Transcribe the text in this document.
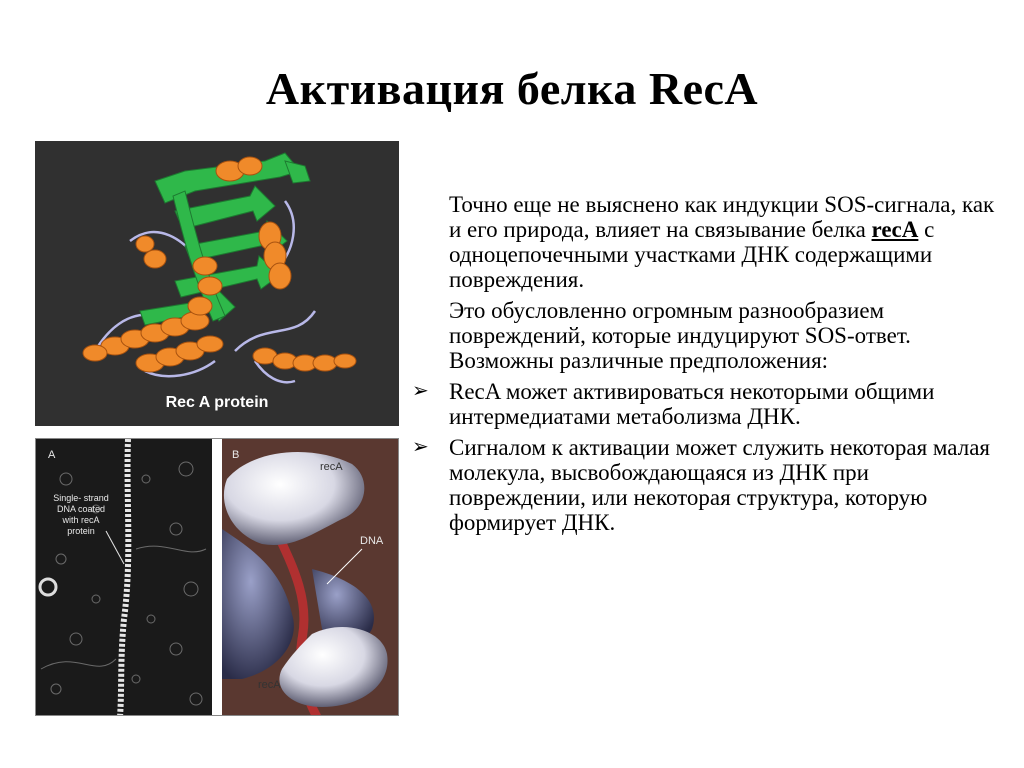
Активация белка RecA
Rec A protein
A
Single- strand
DNA coated
with recA
protein
B
recA
DNA
recA

Точно еще не выяснено как индукции SOS-сигнала, как и его природа, влияет на связывание белка recA с одноцепочечными участками ДНК содержащими повреждения.

Это обусловленно огромным разнообразием повреждений, которые индуцируют SOS-ответ. Возможны различные предположения:

➢ RecA может активироваться некоторыми общими интермедиатами метаболизма ДНК.
➢ Сигналом к активации может служить некоторая малая молекула, высвобождающаяся из ДНК при повреждении, или некоторая структура, которую формирует ДНК.
